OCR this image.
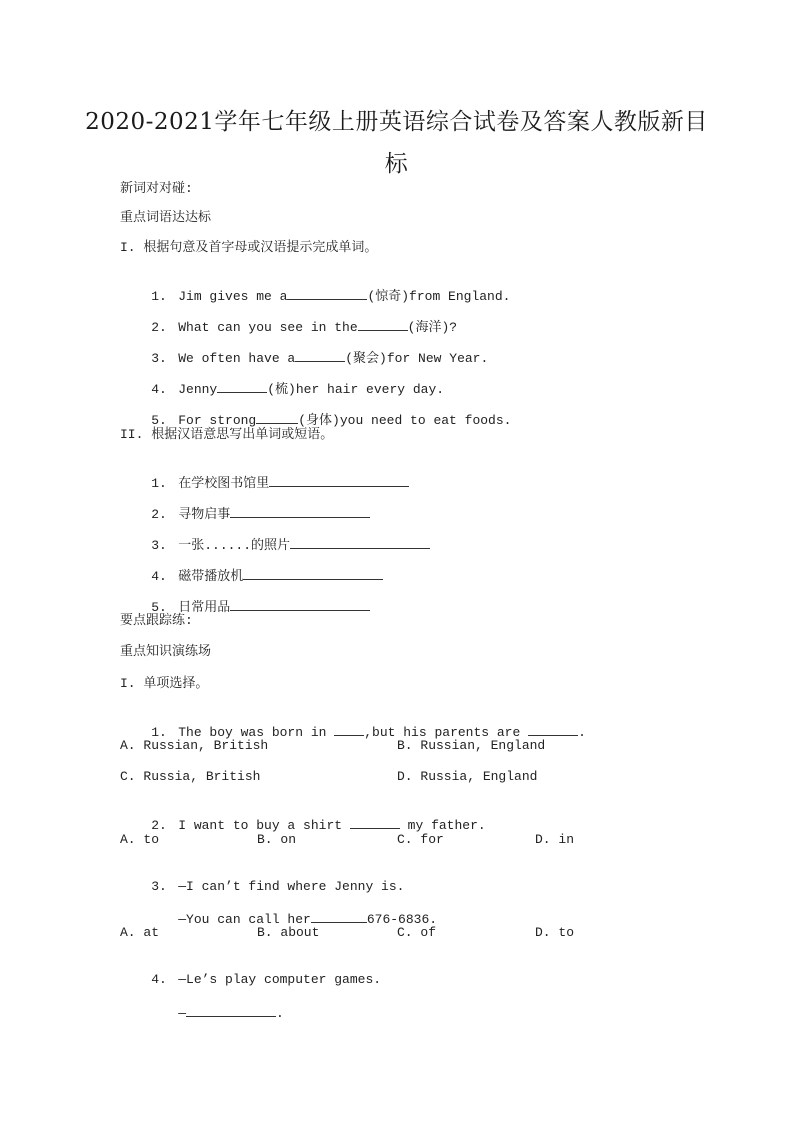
2020-2021学年七年级上册英语综合试卷及答案人教版新目
标
新词对对碰:
重点词语达达标
I. 根据句意及首字母或汉语提示完成单词。

1. Jim gives me a	(惊奇)from England.

2. What can you see in the	(海洋)?

3. We often have a	(聚会)for New Year.

4. Jenny	(梳)her hair every day.

5. For strong	(身体)you need to eat foods.

II. 根据汉语意思写出单词或短语。

1. 在学校图书馆里

2. 寻物启事

3. 一张......的照片

4. 磁带播放机

5. 日常用品

要点跟踪练:
重点知识演练场
I. 单项选择。

1. The boy was born in ,but his parents are	.

A. Russian, British	B. Russian, England
C. Russia, British	D. Russia, England

2. I want to buy a shirt	my father.

A. to	B. on	C. for	D. in

3. —I can’t find where Jenny is.

—You can call her	676-6836.

A. at	B. about	C. of	D. to

4. —Le’s play computer games.

—	.
